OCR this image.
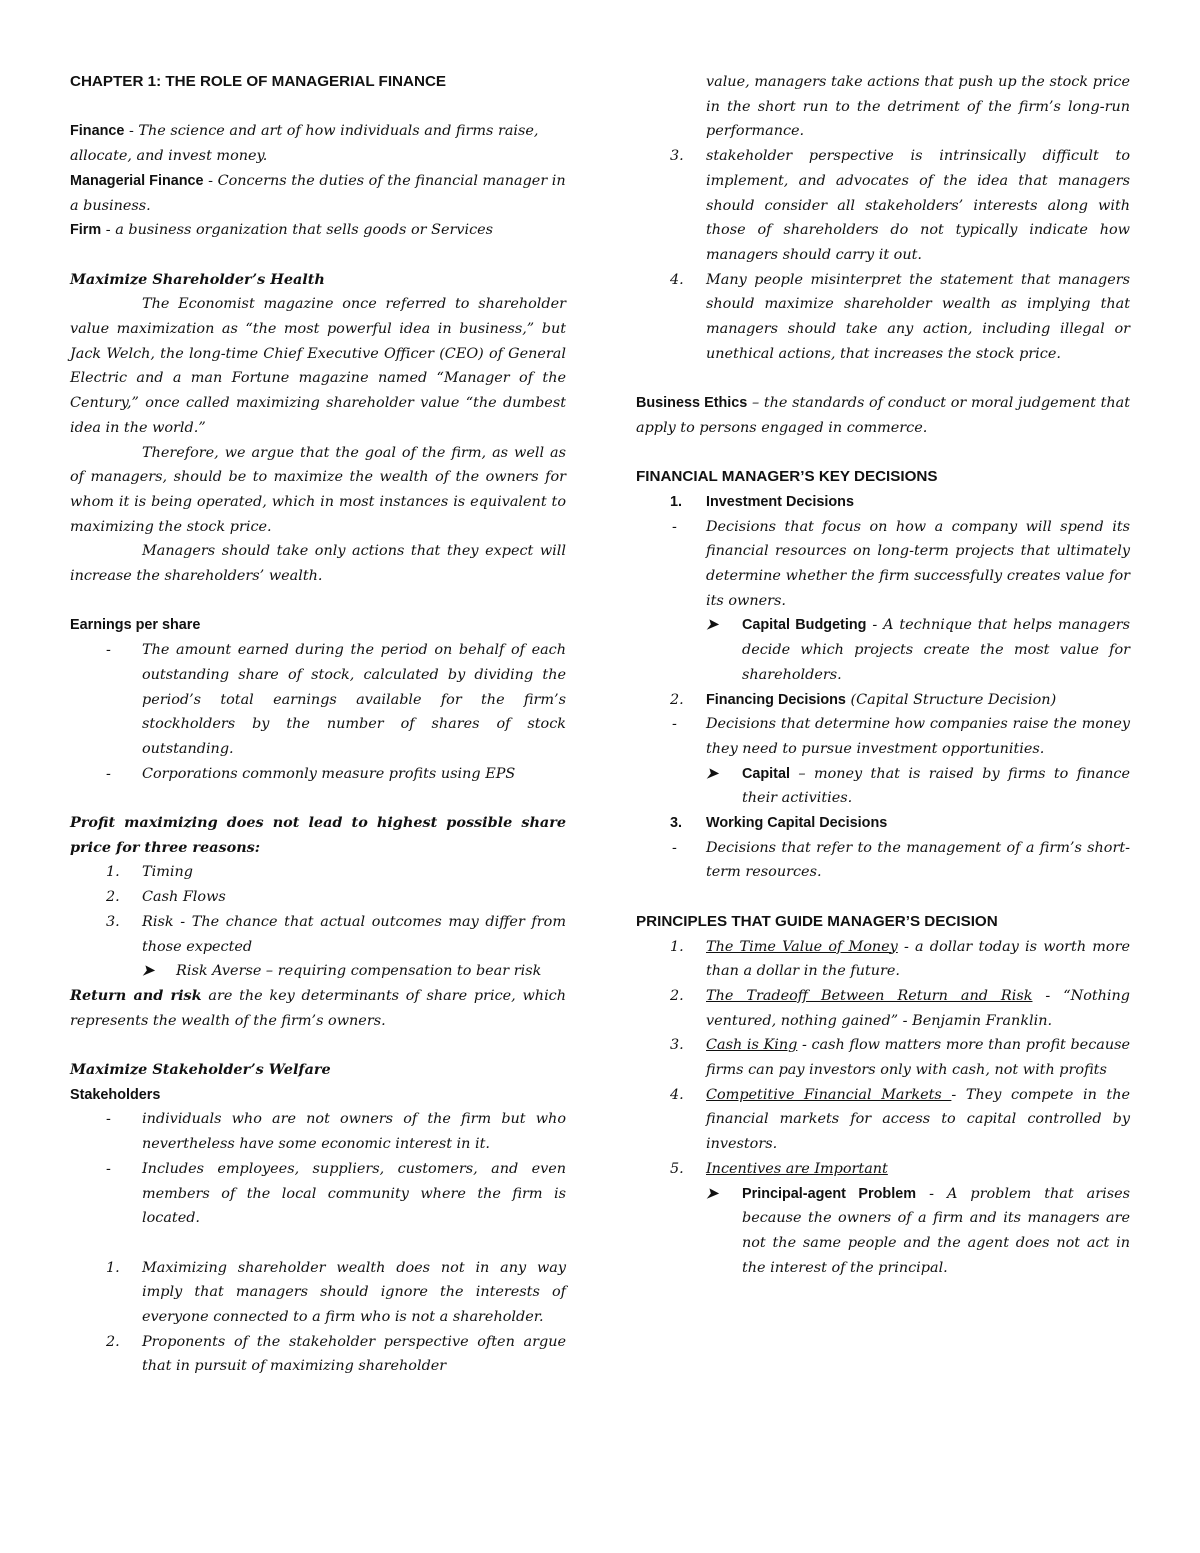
CHAPTER 1: THE ROLE OF MANAGERIAL FINANCE

Finance - The science and art of how individuals and firms raise, allocate, and invest money.

Managerial Finance - Concerns the duties of the financial manager in a business.

Firm - a business organization that sells goods or Services

Maximize Shareholder’s Health

The Economist magazine once referred to shareholder value maximization as “the most powerful idea in business,” but Jack Welch, the long-time Chief Executive Officer (CEO) of General Electric and a man Fortune magazine named “Manager of the Century,” once called maximizing shareholder value “the dumbest idea in the world.”

Therefore, we argue that the goal of the firm, as well as of managers, should be to maximize the wealth of the owners for whom it is being operated, which in most instances is equivalent to maximizing the stock price.

Managers should take only actions that they expect will increase the shareholders’ wealth.

Earnings per share

- The amount earned during the period on behalf of each outstanding share of stock, calculated by dividing the period’s total earnings available for the firm’s stockholders by the number of shares of stock outstanding.
- Corporations commonly measure profits using EPS

Profit maximizing does not lead to highest possible share price for three reasons:

1. Timing
2. Cash Flows
3. Risk - The chance that actual outcomes may differ from those expected
➤ Risk Averse – requiring compensation to bear risk

Return and risk are the key determinants of share price, which represents the wealth of the firm’s owners.

Maximize Stakeholder’s Welfare

Stakeholders

- individuals who are not owners of the firm but who nevertheless have some economic interest in it.
- Includes employees, suppliers, customers, and even members of the local community where the firm is located.
1. Maximizing shareholder wealth does not in any way imply that managers should ignore the interests of everyone connected to a firm who is not a shareholder.
2. Proponents of the stakeholder perspective often argue that in pursuit of maximizing shareholder
value, managers take actions that push up the stock price in the short run to the detriment of the firm’s long-run performance.
3. stakeholder perspective is intrinsically difficult to implement, and advocates of the idea that managers should consider all stakeholders’ interests along with those of shareholders do not typically indicate how managers should carry it out.
4. Many people misinterpret the statement that managers should maximize shareholder wealth as implying that managers should take any action, including illegal or unethical actions, that increases the stock price.

Business Ethics – the standards of conduct or moral judgement that apply to persons engaged in commerce.

FINANCIAL MANAGER’S KEY DECISIONS

1. Investment Decisions
- Decisions that focus on how a company will spend its financial resources on long-term projects that ultimately determine whether the firm successfully creates value for its owners.
➤ Capital Budgeting - A technique that helps managers decide which projects create the most value for shareholders.
2. Financing Decisions (Capital Structure Decision)
- Decisions that determine how companies raise the money they need to pursue investment opportunities.
➤ Capital – money that is raised by firms to finance their activities.
3. Working Capital Decisions
- Decisions that refer to the management of a firm’s short-term resources.

PRINCIPLES THAT GUIDE MANAGER’S DECISION

1. The Time Value of Money - a dollar today is worth more than a dollar in the future.
2. The Tradeoff Between Return and Risk - “Nothing ventured, nothing gained” - Benjamin Franklin.
3. Cash is King - cash flow matters more than profit because firms can pay investors only with cash, not with profits
4. Competitive Financial Markets - They compete in the financial markets for access to capital controlled by investors.
5. Incentives are Important
➤ Principal-agent Problem - A problem that arises because the owners of a firm and its managers are not the same people and the agent does not act in the interest of the principal.
